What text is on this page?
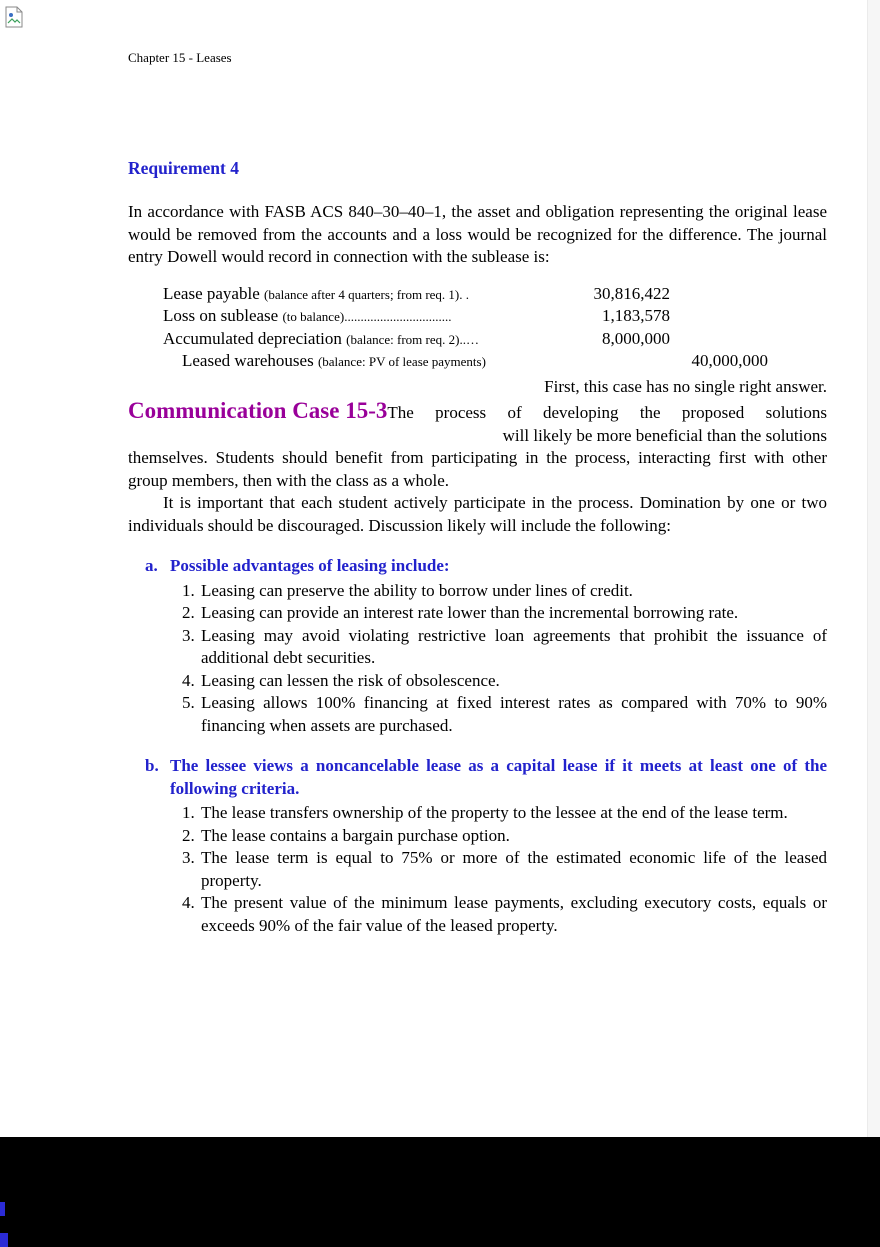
Chapter 15 - Leases
Requirement 4

In accordance with FASB ACS 840–30–40–1, the asset and obligation representing the original lease would be removed from the accounts and a loss would be recognized for the difference. The journal entry Dowell would record in connection with the sublease is:

Lease payable (balance after 4 quarters; from req. 1). .	30,816,422
Loss on sublease (to balance).................................	1,183,578
Accumulated depreciation (balance: from req. 2)..…	8,000,000
Leased warehouses (balance: PV of lease payments)	40,000,000
First, this case has no single right answer.
Communication Case 15-3 The process of developing the proposed solutions
will likely be more beneficial than the solutions

themselves. Students should benefit from participating in the process, interacting first with other group members, then with the class as a whole.

It is important that each student actively participate in the process. Domination by one or two individuals should be discouraged. Discussion likely will include the following:

a. Possible advantages of leasing include:
1. Leasing can preserve the ability to borrow under lines of credit.
2. Leasing can provide an interest rate lower than the incremental borrowing rate.
3. Leasing may avoid violating restrictive loan agreements that prohibit the issuance of additional debt securities.
4. Leasing can lessen the risk of obsolescence.
5. Leasing allows 100% financing at fixed interest rates as compared with 70% to 90% financing when assets are purchased.
b. The lessee views a noncancelable lease as a capital lease if it meets at least one of the following criteria.
1. The lease transfers ownership of the property to the lessee at the end of the lease term.
2. The lease contains a bargain purchase option.
3. The lease term is equal to 75% or more of the estimated economic life of the leased property.
4. The present value of the minimum lease payments, excluding executory costs, equals or exceeds 90% of the fair value of the leased property.
